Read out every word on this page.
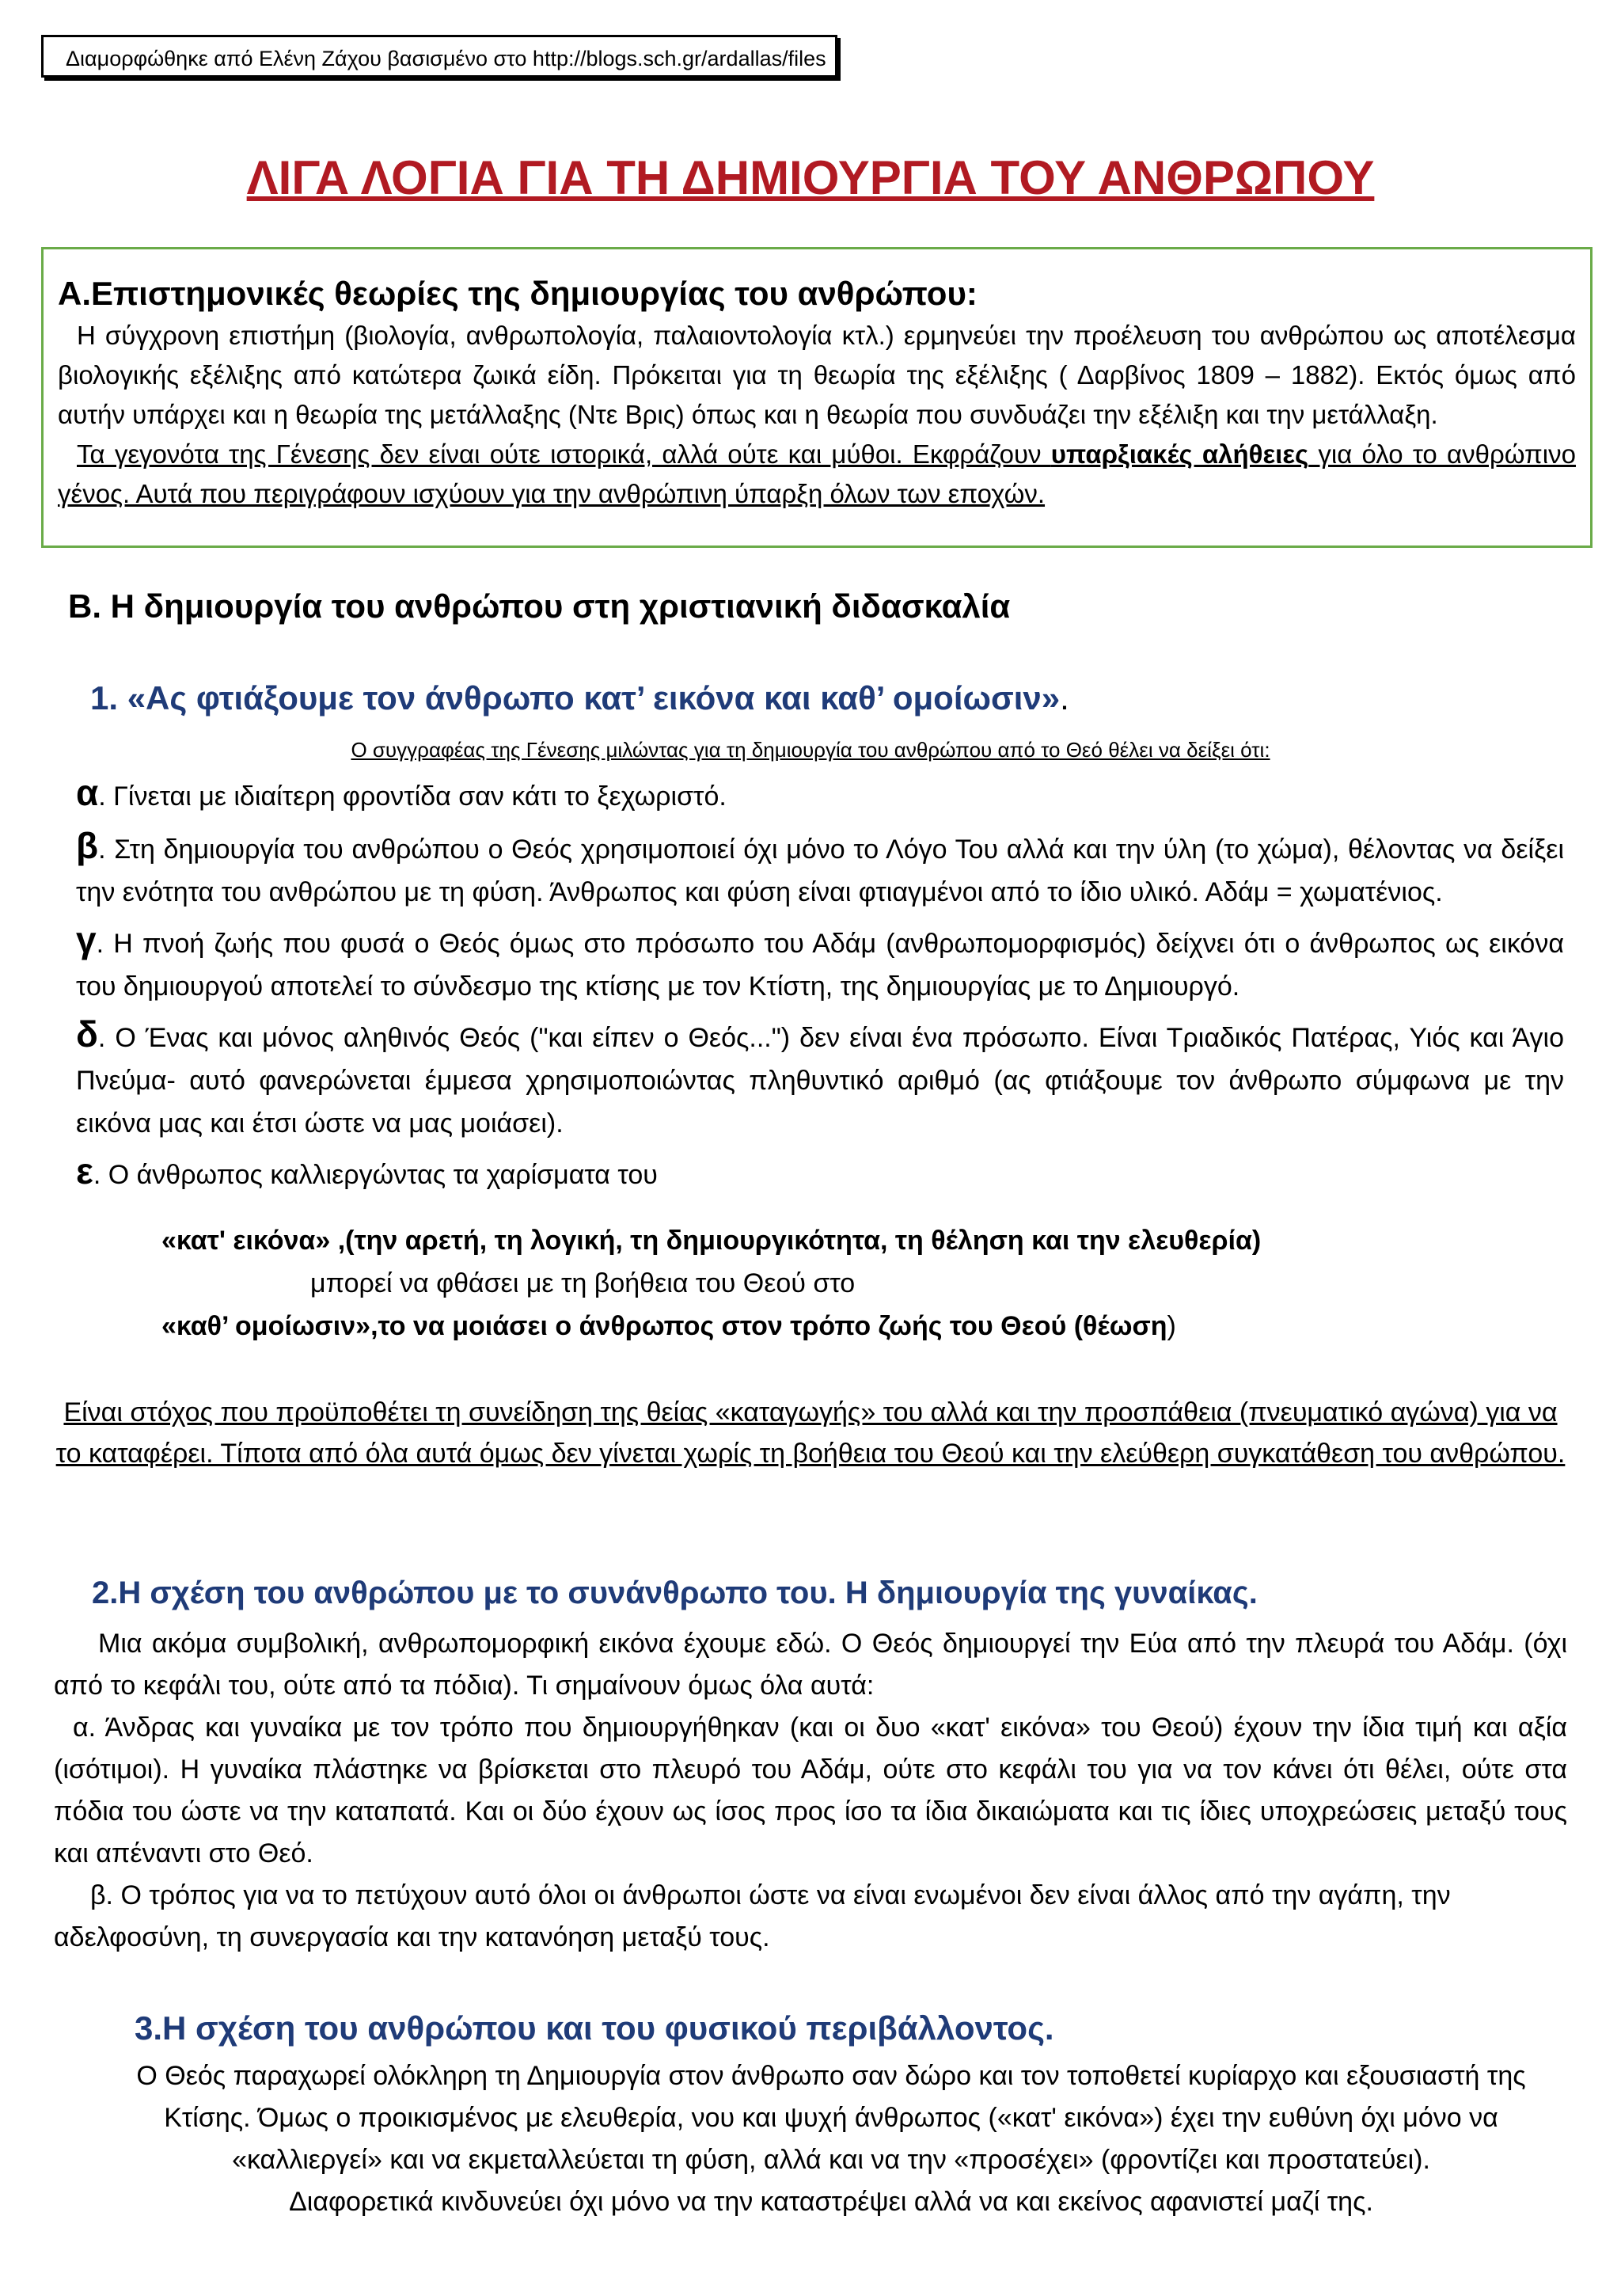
Διαμορφώθηκε από Ελένη Ζάχου βασισμένο στο http://blogs.sch.gr/ardallas/files
ΛΙΓΑ ΛΟΓΙΑ ΓΙΑ ΤΗ ΔΗΜΙΟΥΡΓΙΑ ΤΟΥ ΑΝΘΡΩΠΟΥ
Α.Επιστημονικές θεωρίες της δημιουργίας του ανθρώπου:

Η σύγχρονη επιστήμη (βιολογία, ανθρωπολογία, παλαιοντολογία κτλ.) ερμηνεύει την προέλευση του ανθρώπου ως αποτέλεσμα βιολογικής εξέλιξης από κατώτερα ζωικά είδη. Πρόκειται για τη θεωρία της εξέλιξης ( Δαρβίνος 1809 – 1882). Εκτός όμως από αυτήν υπάρχει και η θεωρία της μετάλλαξης (Ντε Βρις) όπως και η θεωρία που συνδυάζει την εξέλιξη και την μετάλλαξη.

Τα γεγονότα της Γένεσης δεν είναι ούτε ιστορικά, αλλά ούτε και μύθοι. Εκφράζουν υπαρξιακές αλήθειες για όλο το ανθρώπινο γένος. Αυτά που περιγράφουν ισχύουν για την ανθρώπινη ύπαρξη όλων των εποχών.

Β. Η δημιουργία του ανθρώπου στη χριστιανική διδασκαλία
1. «Ας φτιάξουμε τον άνθρωπο κατ’ εικόνα και καθ’ ομοίωσιν».
Ο συγγραφέας της Γένεσης μιλώντας για τη δημιουργία του ανθρώπου από το Θεό θέλει να δείξει ότι:

α. Γίνεται με ιδιαίτερη φροντίδα σαν κάτι το ξεχωριστό.

β. Στη δημιουργία του ανθρώπου ο Θεός χρησιμοποιεί όχι μόνο το Λόγο Του αλλά και την ύλη (το χώμα), θέλοντας να δείξει την ενότητα του ανθρώπου με τη φύση. Άνθρωπος και φύση είναι φτιαγμένοι από το ίδιο υλικό. Αδάμ = χωματένιος.

γ. Η πνοή ζωής που φυσά ο Θεός όμως στο πρόσωπο του Αδάμ (ανθρωπομορφισμός) δείχνει ότι ο άνθρωπος ως εικόνα του δημιουργού αποτελεί το σύνδεσμο της κτίσης με τον Κτίστη, της δημιουργίας με το Δημιουργό.

δ. Ο Ένας και μόνος αληθινός Θεός ("και είπεν ο Θεός...") δεν είναι ένα πρόσωπο. Είναι Τριαδικός Πατέρας, Υιός και Άγιο Πνεύμα- αυτό φανερώνεται έμμεσα χρησιμοποιώντας πληθυντικό αριθμό (ας φτιάξουμε τον άνθρωπο σύμφωνα με την εικόνα μας και έτσι ώστε να μας μοιάσει).

ε. Ο άνθρωπος καλλιεργώντας τα χαρίσματα του

«κατ' εικόνα» ,(την αρετή, τη λογική, τη δημιουργικότητα, τη θέληση και την ελευθερία)
μπορεί να φθάσει με τη βοήθεια του Θεού στο
«καθ’ ομοίωσιν»,το να μοιάσει ο άνθρωπος στον τρόπο ζωής του Θεού (θέωση)
Είναι στόχος που προϋποθέτει τη συνείδηση της θείας «καταγωγής» του αλλά και την προσπάθεια (πνευματικό αγώνα) για να το καταφέρει. Τίποτα από όλα αυτά όμως δεν γίνεται χωρίς τη βοήθεια του Θεού και την ελεύθερη συγκατάθεση του ανθρώπου.
2.Η σχέση του ανθρώπου με το συνάνθρωπο του. Η δημιουργία της γυναίκας.

Μια ακόμα συμβολική, ανθρωπομορφική εικόνα έχουμε εδώ. Ο Θεός δημιουργεί την Εύα από την πλευρά του Αδάμ. (όχι από το κεφάλι του, ούτε από τα πόδια). Τι σημαίνουν όμως όλα αυτά:

α. Άνδρας και γυναίκα με τον τρόπο που δημιουργήθηκαν (και οι δυο «κατ' εικόνα» του Θεού) έχουν την ίδια τιμή και αξία (ισότιμοι). Η γυναίκα πλάστηκε να βρίσκεται στο πλευρό του Αδάμ, ούτε στο κεφάλι του για να τον κάνει ότι θέλει, ούτε στα πόδια του ώστε να την καταπατά. Και οι δύο έχουν ως ίσος προς ίσο τα ίδια δικαιώματα και τις ίδιες υποχρεώσεις μεταξύ τους και απέναντι στο Θεό.

β. Ο τρόπος για να το πετύχουν αυτό όλοι οι άνθρωποι ώστε να είναι ενωμένοι δεν είναι άλλος από την αγάπη, την αδελφοσύνη, τη συνεργασία και την κατανόηση μεταξύ τους.

3.Η σχέση του ανθρώπου και του φυσικού περιβάλλοντος.

Ο Θεός παραχωρεί ολόκληρη τη Δημιουργία στον άνθρωπο σαν δώρο και τον τοποθετεί κυρίαρχο και εξουσιαστή της Κτίσης. Όμως ο προικισμένος με ελευθερία, νου και ψυχή άνθρωπος («κατ' εικόνα») έχει την ευθύνη όχι μόνο να «καλλιεργεί» και να εκμεταλλεύεται τη φύση, αλλά και να την «προσέχει» (φροντίζει και προστατεύει).

Διαφορετικά κινδυνεύει όχι μόνο να την καταστρέψει αλλά να και εκείνος αφανιστεί μαζί της.
